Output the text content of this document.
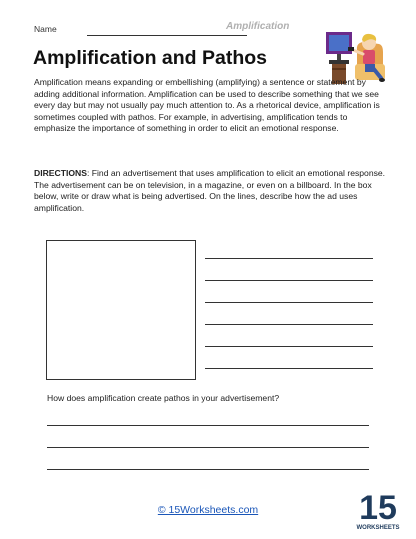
Name	Amplification
Amplification and Pathos

Amplification means expanding or embellishing (amplifying) a sentence or statement by adding additional information. Amplification can be used to describe something that we see every day but may not usually pay much attention to. As a rhetorical device, amplification is sometimes coupled with pathos. For example, in advertising, amplification tends to emphasize the importance of something in order to elicit an emotional response.

DIRECTIONS: Find an advertisement that uses amplification to elicit an emotional response. The advertisement can be on television, in a magazine, or even on a billboard. In the box below, write or draw what is being advertised. On the lines, describe how the ad uses amplification.

How does amplification create pathos in your advertisement?

© 15Worksheets.com	15
WORKSHEETS
